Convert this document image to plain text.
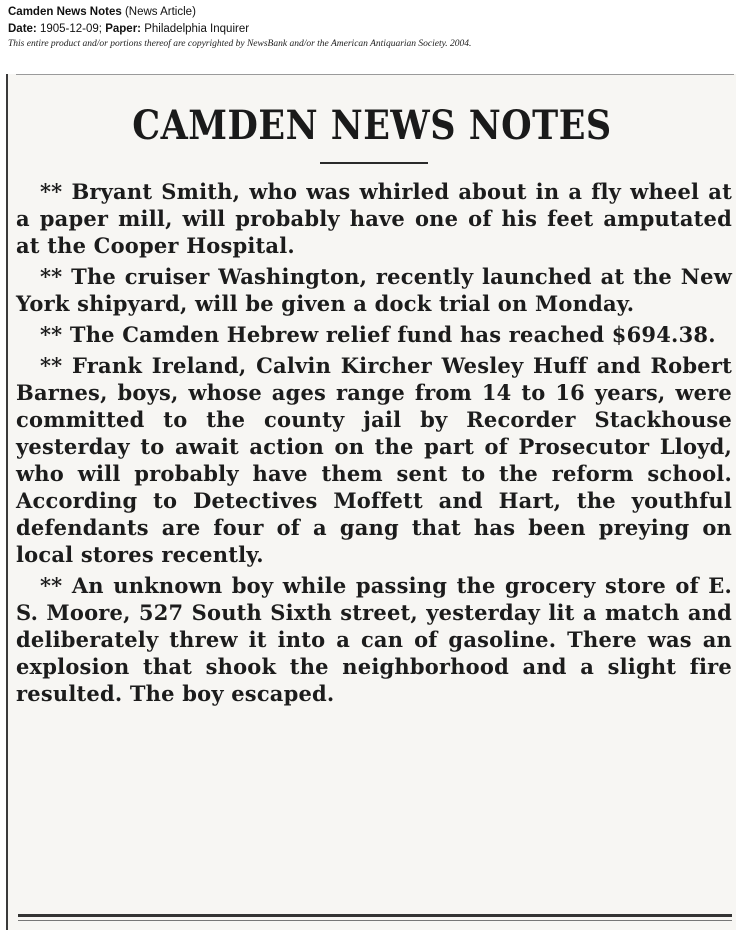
Camden News Notes (News Article)
Date: 1905-12-09; Paper: Philadelphia Inquirer
This entire product and/or portions thereof are copyrighted by NewsBank and/or the American Antiquarian Society. 2004.
CAMDEN NEWS NOTES

** Bryant Smith, who was whirled about in a fly wheel at a paper mill, will probably have one of his feet amputated at the Cooper Hospital.

** The cruiser Washington, recently launched at the New York shipyard, will be given a dock trial on Monday.

** The Camden Hebrew relief fund has reached $694.38.

** Frank Ireland, Calvin Kircher Wesley Huff and Robert Barnes, boys, whose ages range from 14 to 16 years, were committed to the county jail by Recorder Stackhouse yesterday to await action on the part of Prosecutor Lloyd, who will probably have them sent to the reform school. According to Detectives Moffett and Hart, the youthful defendants are four of a gang that has been preying on local stores recently.

** An unknown boy while passing the grocery store of E. S. Moore, 527 South Sixth street, yesterday lit a match and deliberately threw it into a can of gasoline. There was an explosion that shook the neighborhood and a slight fire resulted. The boy escaped.
